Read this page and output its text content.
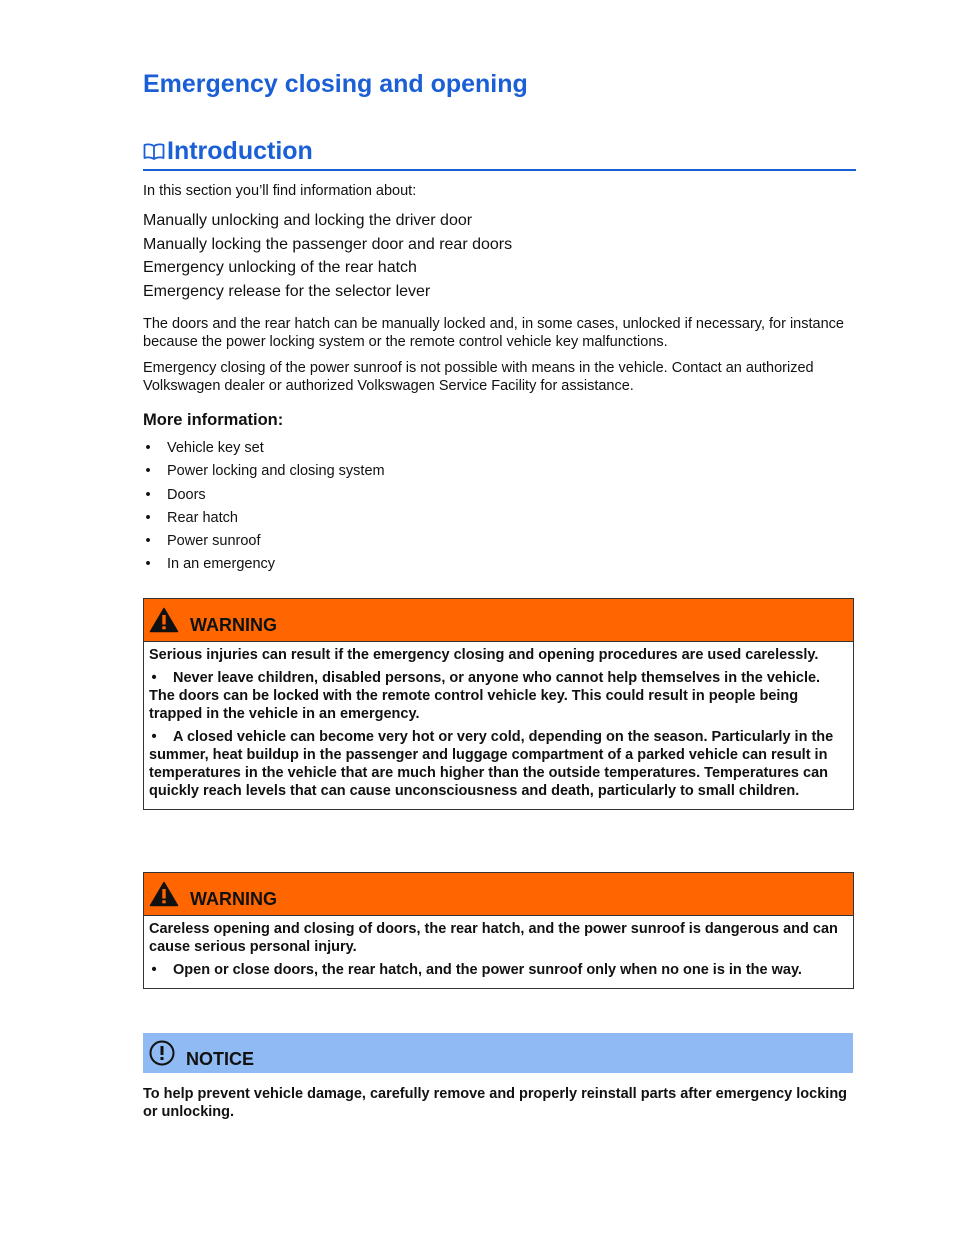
Emergency closing and opening
Introduction
In this section you’ll find information about:
Manually unlocking and locking the driver door
Manually locking the passenger door and rear doors
Emergency unlocking of the rear hatch
Emergency release for the selector lever

The doors and the rear hatch can be manually locked and, in some cases, unlocked if necessary, for instance because the power locking system or the remote control vehicle key malfunctions.

Emergency closing of the power sunroof is not possible with means in the vehicle. Contact an authorized Volkswagen dealer or authorized Volkswagen Service Facility for assistance.

More information:
• Vehicle key set
• Power locking and closing system
• Doors
• Rear hatch
• Power sunroof
• In an emergency
WARNING

Serious injuries can result if the emergency closing and opening procedures are used carelessly.

• Never leave children, disabled persons, or anyone who cannot help themselves in the vehicle. The doors can be locked with the remote control vehicle key. This could result in people being trapped in the vehicle in an emergency.

• A closed vehicle can become very hot or very cold, depending on the season. Particularly in the summer, heat buildup in the passenger and luggage compartment of a parked vehicle can result in temperatures in the vehicle that are much higher than the outside temperatures. Temperatures can quickly reach levels that can cause unconsciousness and death, particularly to small children.

WARNING

Careless opening and closing of doors, the rear hatch, and the power sunroof is dangerous and can cause serious personal injury.

• Open or close doors, the rear hatch, and the power sunroof only when no one is in the way.

NOTICE

To help prevent vehicle damage, carefully remove and properly reinstall parts after emergency locking or unlocking.
